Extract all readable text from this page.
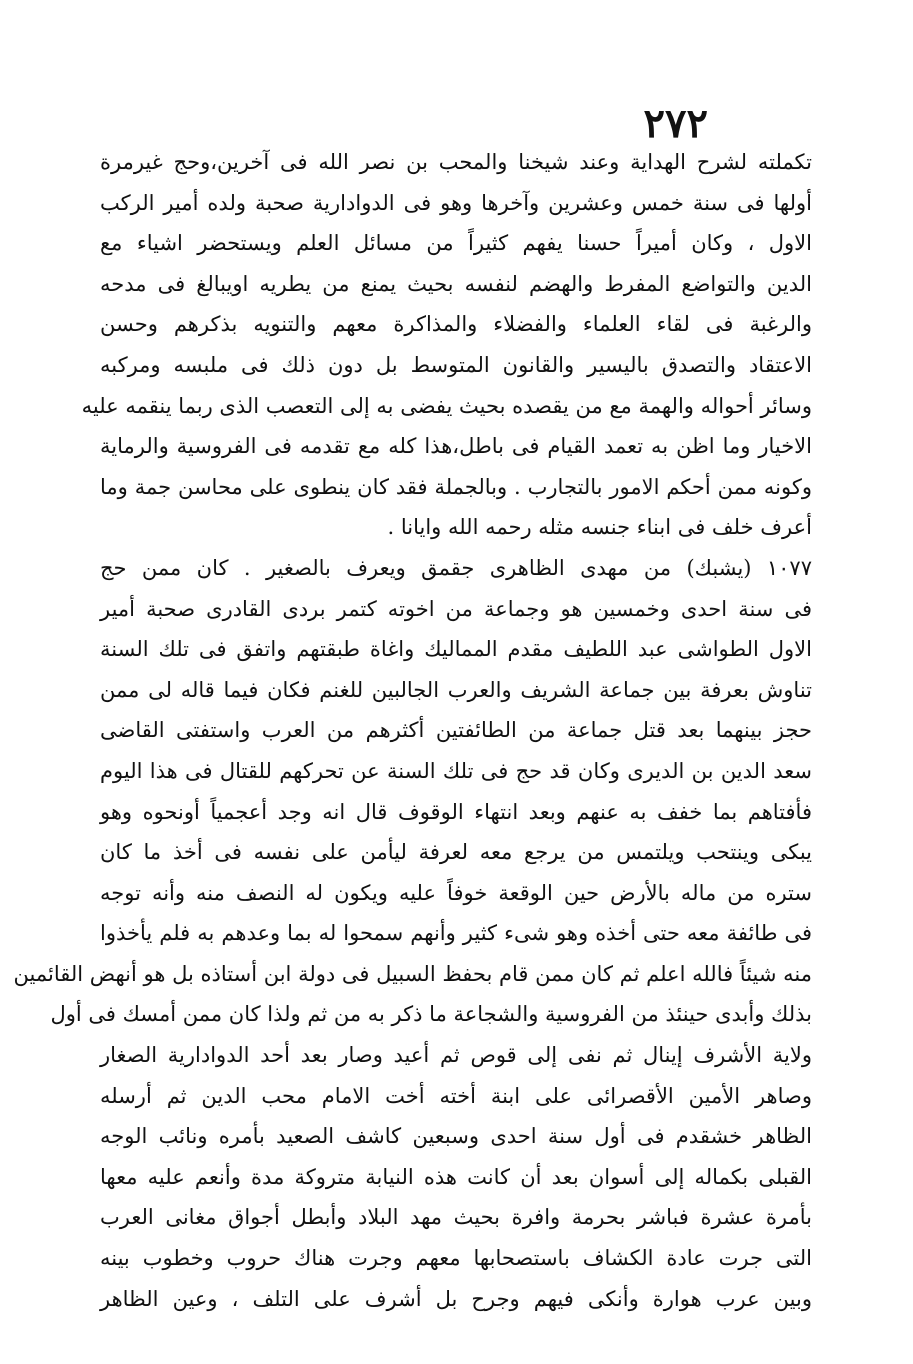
٢٧٢
تكملته لشرح الهداية وعند شيخنا والمحب بن نصر الله فى آخرين،وحج غيرمرة
أولها فى سنة خمس وعشرين وآخرها وهو فى الدوادارية صحبة ولده أمير الركب
الاول ، وكان أميراً حسنا يفهم كثيراً من مسائل العلم ويستحضر اشياء مع
الدين والتواضع المفرط والهضم لنفسه بحيث يمنع من يطريه اويبالغ فى مدحه
والرغبة فى لقاء العلماء والفضلاء والمذاكرة معهم والتنويه بذكرهم وحسن
الاعتقاد والتصدق باليسير والقانون المتوسط بل دون ذلك فى ملبسه ومركبه
وسائر أحواله والهمة مع من يقصده بحيث يفضى به إلى التعصب الذى ربما ينقمه عليه
الاخيار وما اظن به تعمد القيام فى باطل،هذا كله مع تقدمه فى الفروسية والرماية
وكونه ممن أحكم الامور بالتجارب . وبالجملة فقد كان ينطوى على محاسن جمة وما
أعرف خلف فى ابناء جنسه مثله رحمه الله وايانا .
١٠٧٧ (يشبك) من مهدى الظاهرى جقمق ويعرف بالصغير . كان ممن حج
فى سنة احدى وخمسين هو وجماعة من اخوته كتمر بردى القادرى صحبة أمير
الاول الطواشى عبد اللطيف مقدم المماليك واغاة طبقتهم واتفق فى تلك السنة
تناوش بعرفة بين جماعة الشريف والعرب الجالبين للغنم فكان فيما قاله لى ممن
حجز بينهما بعد قتل جماعة من الطائفتين أكثرهم من العرب واستفتى القاضى
سعد الدين بن الديرى وكان قد حج فى تلك السنة عن تحركهم للقتال فى هذا اليوم
فأفتاهم بما خفف به عنهم وبعد انتهاء الوقوف قال انه وجد أعجمياً أونحوه وهو
يبكى وينتحب ويلتمس من يرجع معه لعرفة ليأمن على نفسه فى أخذ ما كان
ستره من ماله بالأرض حين الوقعة خوفاً عليه ويكون له النصف منه وأنه توجه
فى طائفة معه حتى أخذه وهو شىء كثير وأنهم سمحوا له بما وعدهم به فلم يأخذوا
منه شيئاً فالله اعلم ثم كان ممن قام بحفظ السبيل فى دولة ابن أستاذه بل هو أنهض القائمين
بذلك وأبدى حينئذ من الفروسية والشجاعة ما ذكر به من ثم ولذا كان ممن أمسك فى أول
ولاية الأشرف إينال ثم نفى إلى قوص ثم أعيد وصار بعد أحد الدوادارية الصغار
وصاهر الأمين الأقصرائى على ابنة أخته أخت الامام محب الدين ثم أرسله
الظاهر خشقدم فى أول سنة احدى وسبعين كاشف الصعيد بأمره ونائب الوجه
القبلى بكماله إلى أسوان بعد أن كانت هذه النيابة متروكة مدة وأنعم عليه معها
بأمرة عشرة فباشر بحرمة وافرة بحيث مهد البلاد وأبطل أجواق مغانى العرب
التى جرت عادة الكشاف باستصحابها معهم وجرت هناك حروب وخطوب بينه
وبين عرب هوارة وأنكى فيهم وجرح بل أشرف على التلف ، وعين الظاهر
